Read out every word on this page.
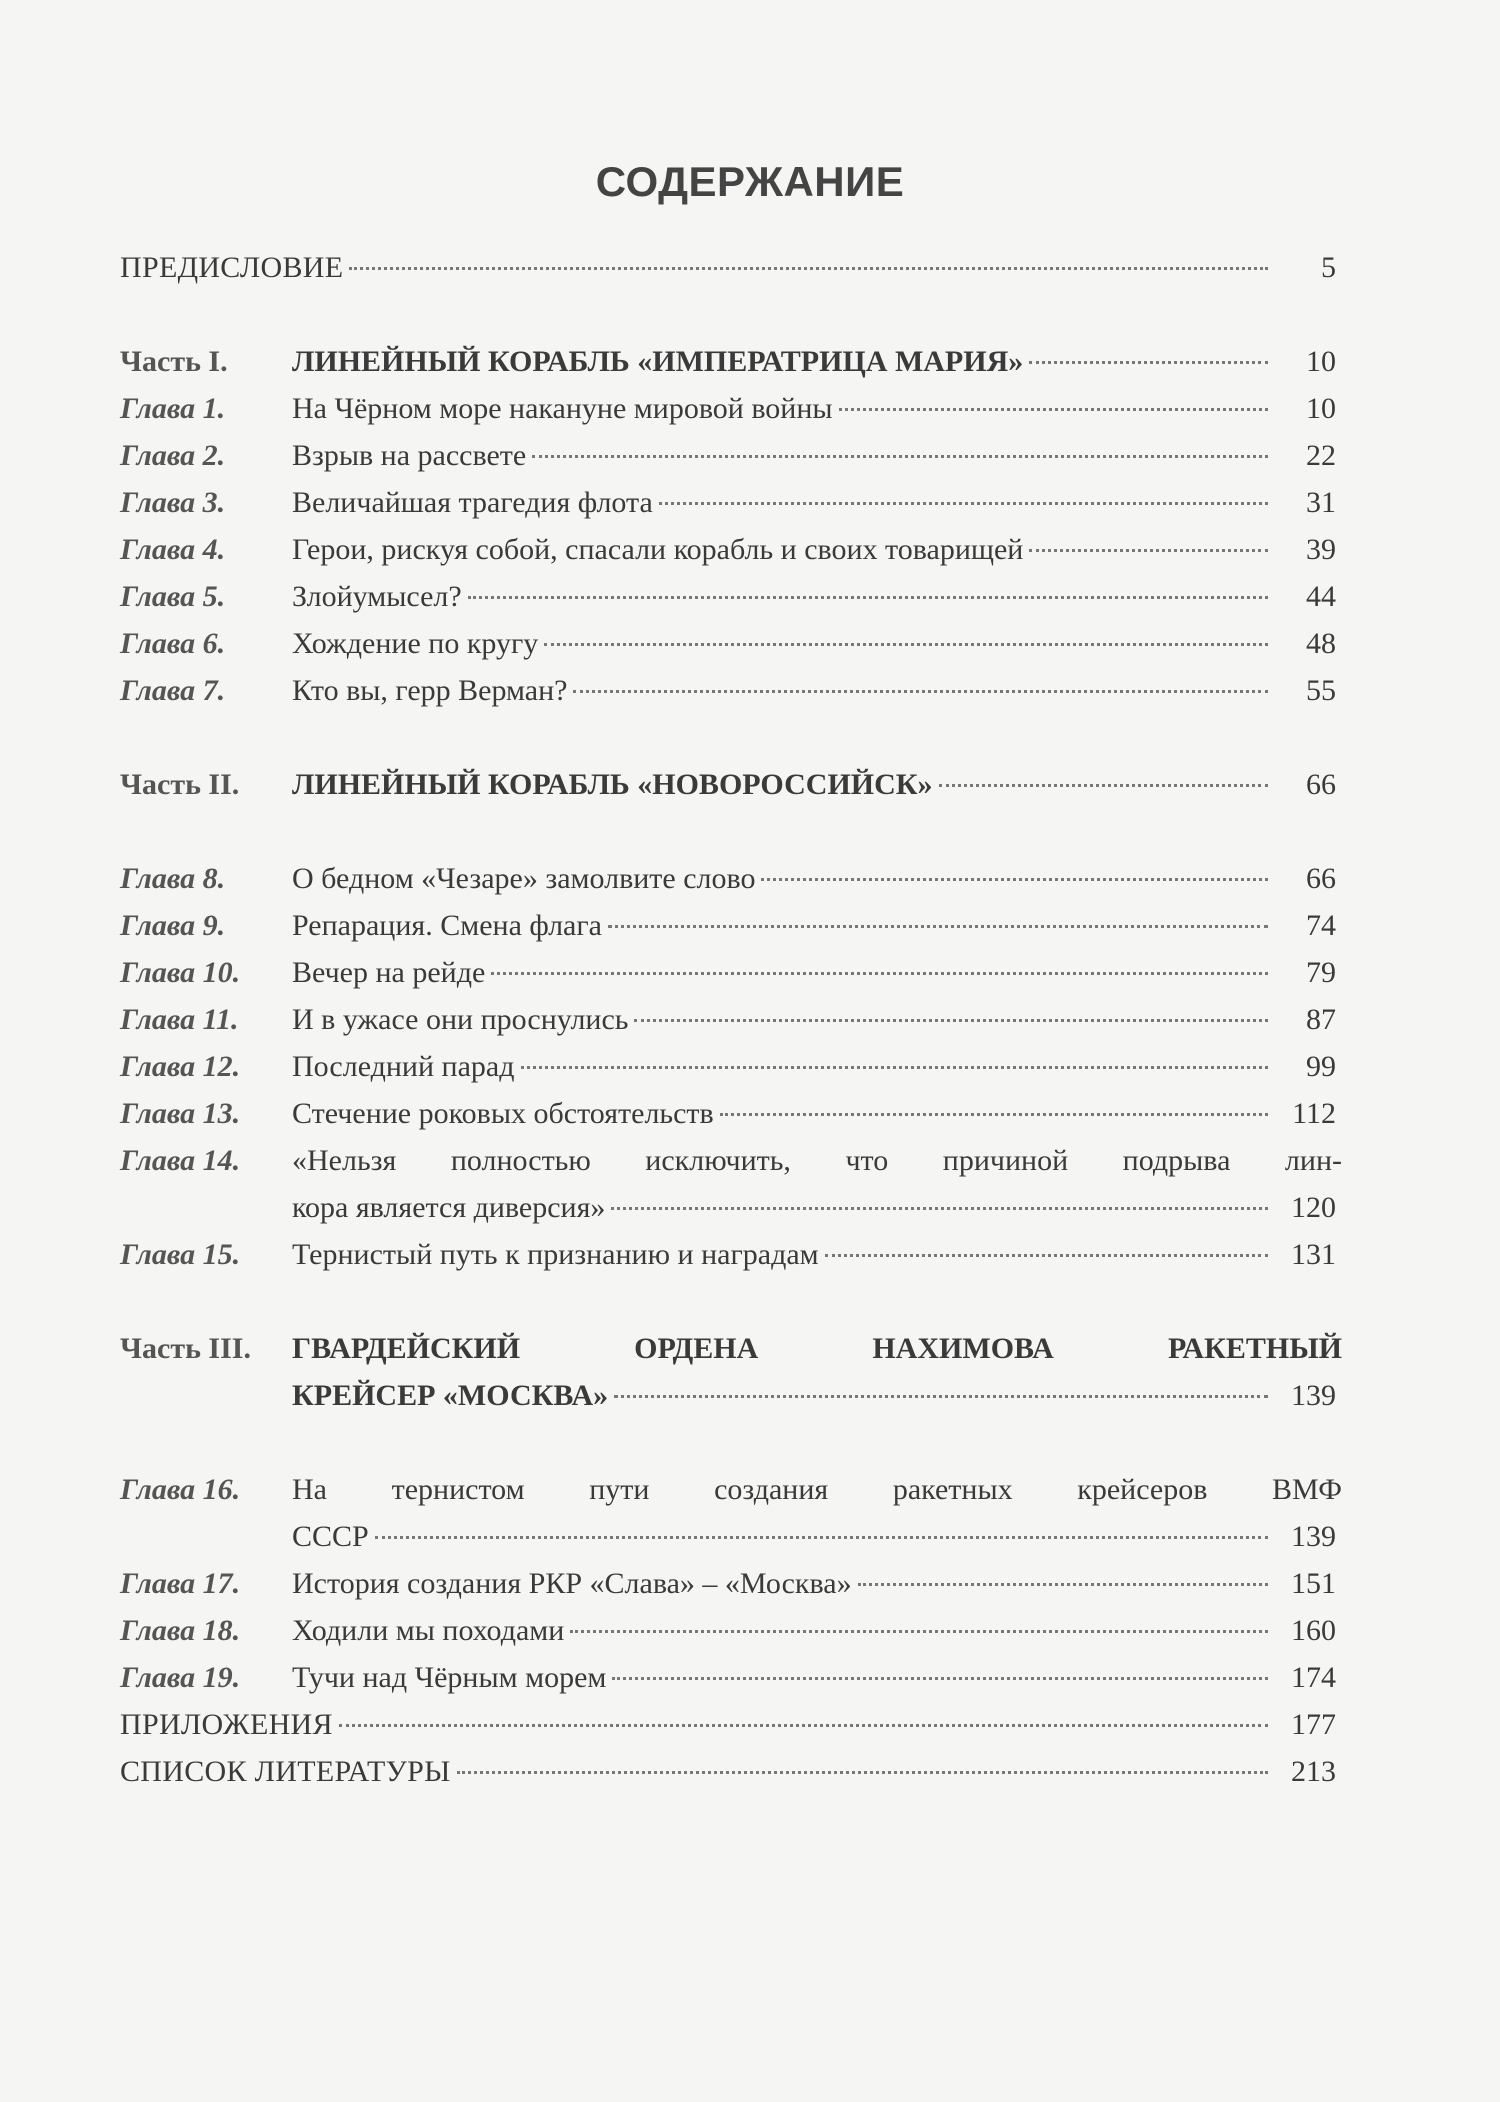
СОДЕРЖАНИЕ
ПРЕДИСЛОВИЕ	5
Часть I.	ЛИНЕЙНЫЙ КОРАБЛЬ «ИМПЕРАТРИЦА МАРИЯ»	10
Глава 1.	На Чёрном море накануне мировой войны	10
Глава 2.	Взрыв на рассвете	22
Глава 3.	Величайшая трагедия флота	31
Глава 4.	Герои, рискуя собой, спасали корабль и своих товарищей	39
Глава 5.	Злойумысел?	44
Глава 6.	Хождение по кругу	48
Глава 7.	Кто вы, герр Верман?	55
Часть II.	ЛИНЕЙНЫЙ КОРАБЛЬ «НОВОРОССИЙСК»	66
Глава 8.	О бедном «Чезаре» замолвите слово	66
Глава 9.	Репарация. Смена флага	74
Глава 10.	Вечер на рейде	79
Глава 11.	И в ужасе они проснулись	87
Глава 12.	Последний парад	99
Глава 13.	Стечение роковых обстоятельств	112
Глава 14.	«Нельзя полностью исключить, что причиной подрыва лин-
кора является диверсия»	120
Глава 15.	Тернистый путь к признанию и наградам	131
Часть III.	ГВАРДЕЙСКИЙ ОРДЕНА НАХИМОВА РАКЕТНЫЙ
КРЕЙСЕР «МОСКВА»	139
Глава 16.	На тернистом пути создания ракетных крейсеров ВМФ
СССР	139
Глава 17.	История создания РКР «Слава» – «Москва»	151
Глава 18.	Ходили мы походами	160
Глава 19.	Тучи над Чёрным морем	174
ПРИЛОЖЕНИЯ	177
СПИСОК ЛИТЕРАТУРЫ	213
